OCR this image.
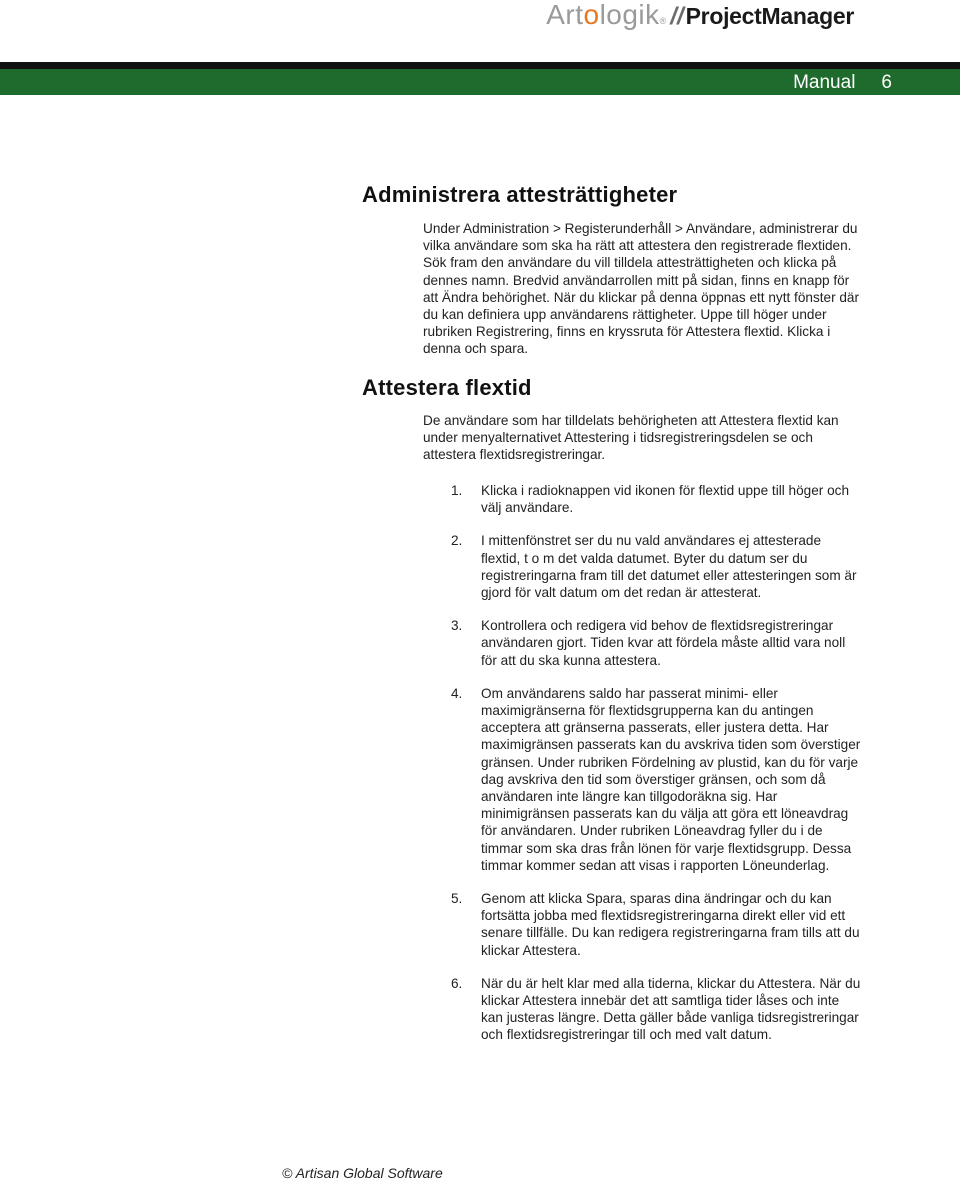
Artologik ® // ProjectManager
Manual 6
Administrera attesträttigheter

Under Administration > Registerunderhåll > Användare, administrerar du vilka användare som ska ha rätt att attestera den registrerade flextiden. Sök fram den användare du vill tilldela attesträttigheten och klicka på dennes namn. Bredvid användarrollen mitt på sidan, finns en knapp för att Ändra behörighet. När du klickar på denna öppnas ett nytt fönster där du kan definiera upp användarens rättigheter. Uppe till höger under rubriken Registrering, finns en kryssruta för Attestera flextid. Klicka i denna och spara.

Attestera flextid

De användare som har tilldelats behörigheten att Attestera flextid kan under menyalternativet Attestering i tidsregistreringsdelen se och attestera flextidsregistreringar.

1. Klicka i radioknappen vid ikonen för flextid uppe till höger och välj användare.
2. I mittenfönstret ser du nu vald användares ej attesterade flextid, t o m det valda datumet. Byter du datum ser du registreringarna fram till det datumet eller attesteringen som är gjord för valt datum om det redan är attesterat.
3. Kontrollera och redigera vid behov de flextidsregistreringar användaren gjort. Tiden kvar att fördela måste alltid vara noll för att du ska kunna attestera.
4. Om användarens saldo har passerat minimi- eller maximigränserna för flextidsgrupperna kan du antingen acceptera att gränserna passerats, eller justera detta. Har maximigränsen passerats kan du avskriva tiden som överstiger gränsen. Under rubriken Fördelning av plustid, kan du för varje dag avskriva den tid som överstiger gränsen, och som då användaren inte längre kan tillgodoräkna sig. Har minimigränsen passerats kan du välja att göra ett löneavdrag för användaren. Under rubriken Löneavdrag fyller du i de timmar som ska dras från lönen för varje flextidsgrupp. Dessa timmar kommer sedan att visas i rapporten Löneunderlag.
5. Genom att klicka Spara, sparas dina ändringar och du kan fortsätta jobba med flextidsregistreringarna direkt eller vid ett senare tillfälle. Du kan redigera registreringarna fram tills att du klickar Attestera.
6. När du är helt klar med alla tiderna, klickar du Attestera. När du klickar Attestera innebär det att samtliga tider låses och inte kan justeras längre. Detta gäller både vanliga tidsregistreringar och flextidsregistreringar till och med valt datum.
© Artisan Global Software
